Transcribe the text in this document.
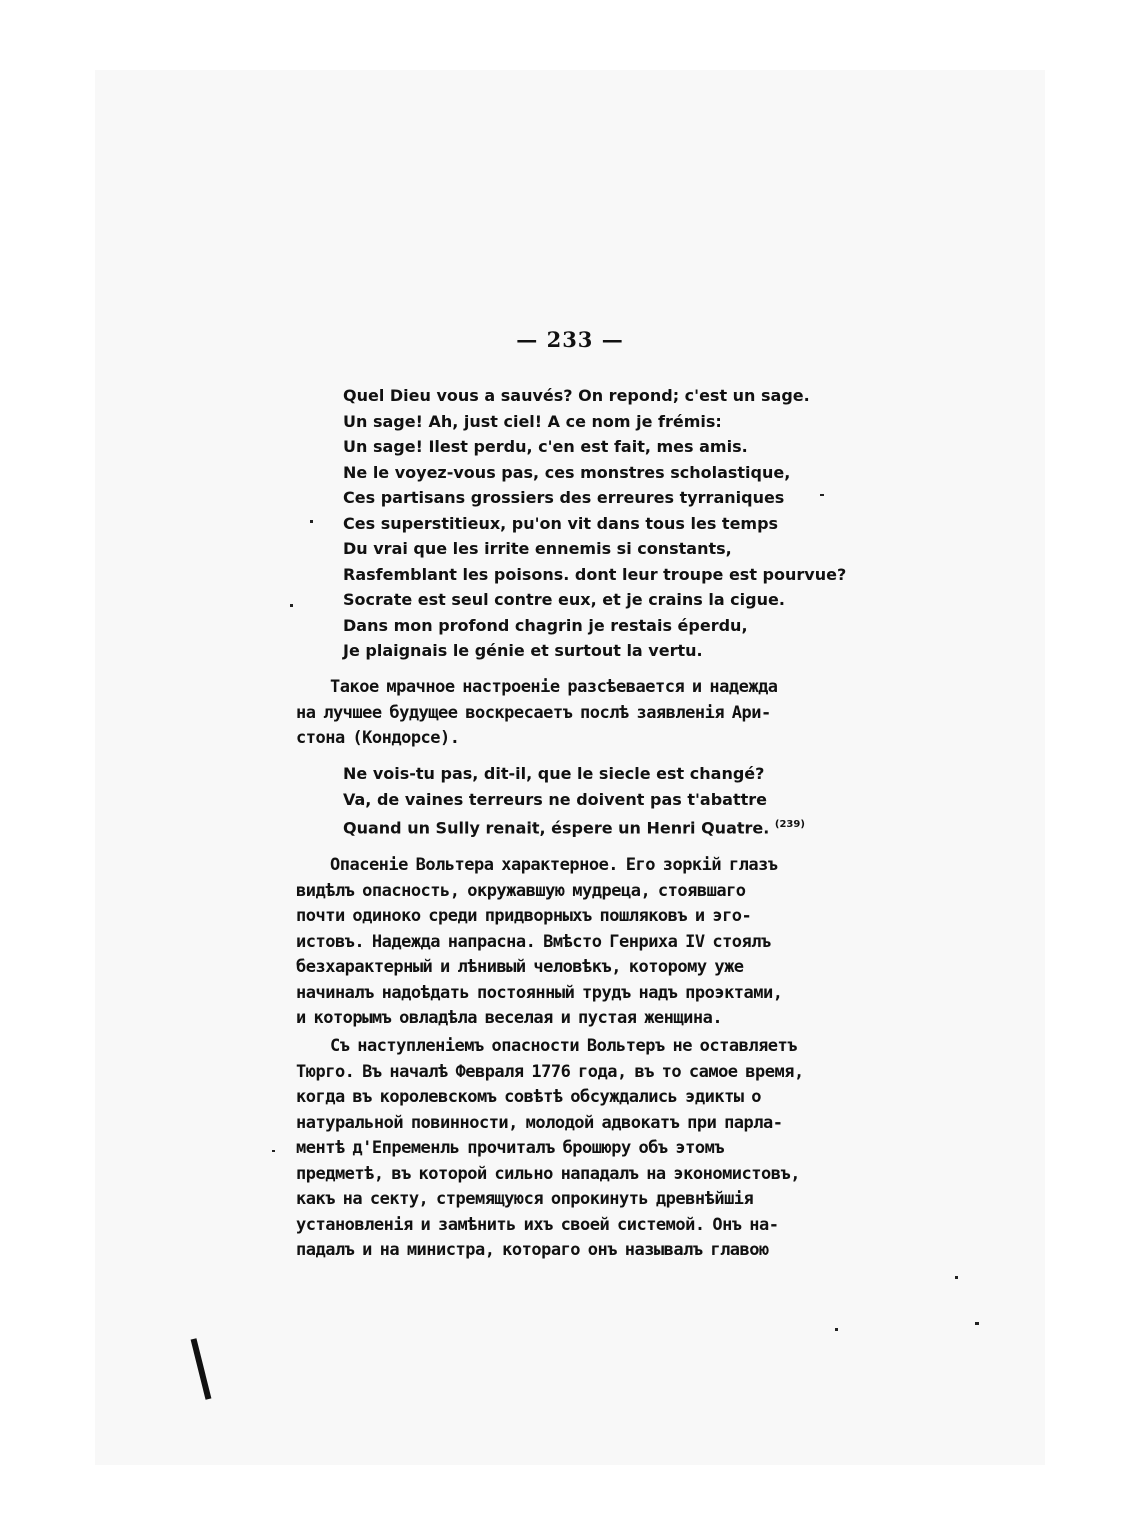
— 233 —
Quel Dieu vous a sauvés? On repond; c'est un sage.
Un sage! Ah, just ciel! A ce nom je frémis:
Un sage! Ilest perdu, c'en est fait, mes amis.
Ne le voyez-vous pas, ces monstres scholastique,
Ces partisans grossiers des erreures tyrraniques
Ces superstitieux, pu'on vit dans tous les temps
Du vrai que les irrite ennemis si constants,
Rasfemblant les poisons. dont leur troupe est pourvue?
Socrate est seul contre eux, et je crains la cigue.
Dans mon profond chagrin je restais éperdu,
Je plaignais le génie et surtout la vertu.
Такое мрачное настроеніе разсѣевается и надежда
на лучшее будущее воскресаетъ послѣ заявленія Ари-
стона (Кондорсе).
Ne vois-tu pas, dit-il, que le siecle est changé?
Va, de vaines terreurs ne doivent pas t'abattre
Quand un Sully renait, éspere un Henri Quatre. $^{(239)}$
Опасеніе Вольтера характерное. Его зоркій глазъ
видѣлъ опасность, окружавшую мудреца, стоявшаго
почти одиноко среди придворныхъ пошляковъ и эго-
истовъ. Надежда напрасна. Вмѣсто Генриха IV стоялъ
безхарактерный и лѣнивый человѣкъ, которому уже
начиналъ надоѣдать постоянный трудъ надъ проэктами,
и которымъ овладѣла веселая и пустая женщина.
Съ наступленіемъ опасности Вольтеръ не оставляетъ
Тюрго. Въ началѣ Февраля 1776 года, въ то самое время,
когда въ королевскомъ совѣтѣ обсуждались эдикты о
натуральной повинности, молодой адвокатъ при парла-
ментѣ д'Епременль прочиталъ брошюру объ этомъ
предметѣ, въ которой сильно нападалъ на экономистовъ,
какъ на секту, стремящуюся опрокинуть древнѣйшія
установленія и замѣнить ихъ своей системой. Онъ на-
падалъ и на министра, котораго онъ называлъ главою
